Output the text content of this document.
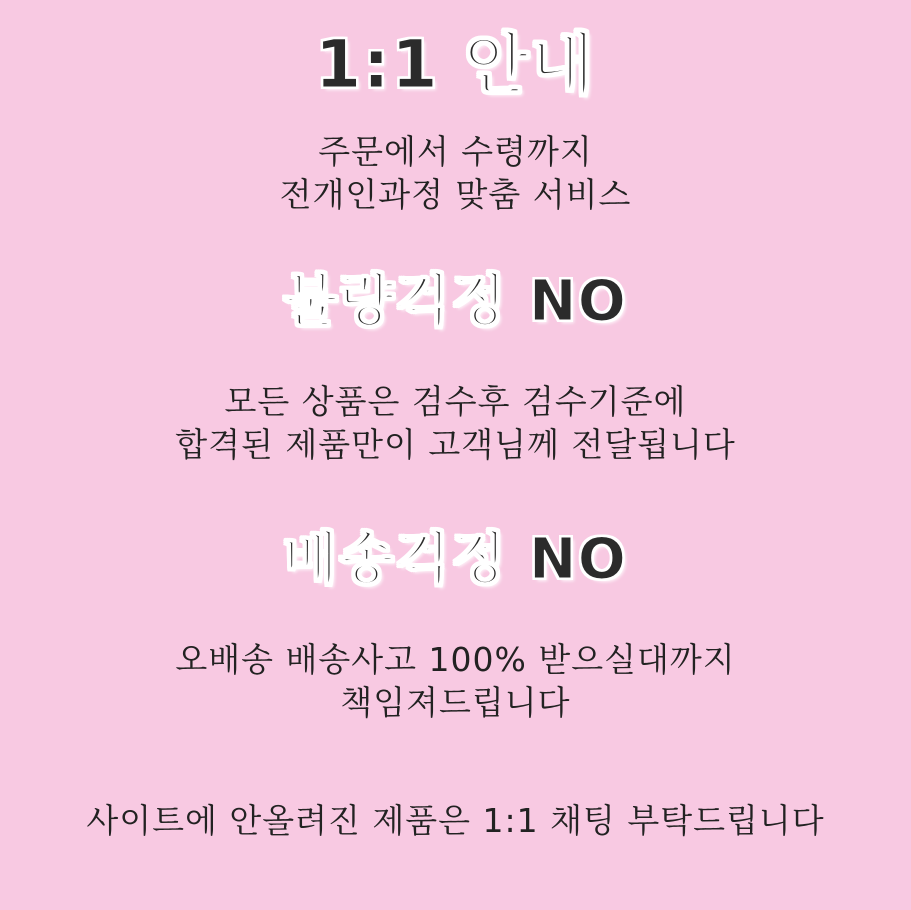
1:1 안내
주문에서 수령까지
전개인과정 맞춤 서비스
불량걱정 NO
모든 상품은 검수후 검수기준에
합격된 제품만이 고객님께 전달됩니다
배송걱정 NO
오배송 배송사고 100% 받으실대까지
책임져드립니다
사이트에 안올려진 제품은 1:1 채팅 부탁드립니다
